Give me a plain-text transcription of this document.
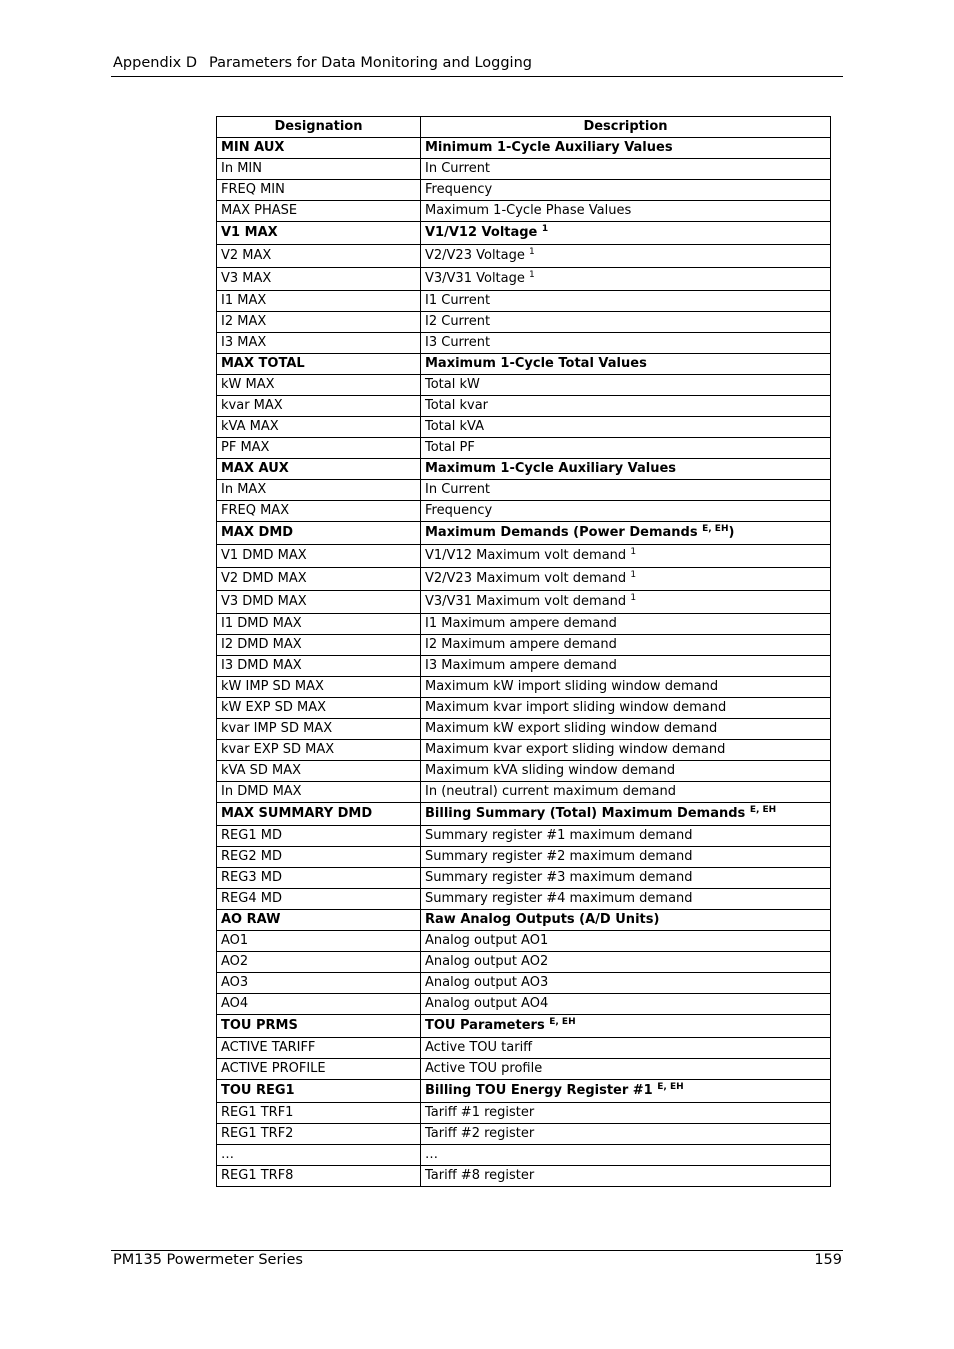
Appendix D Parameters for Data Monitoring and Logging
Designation	Description
MIN AUX	Minimum 1-Cycle Auxiliary Values
In MIN	In Current
FREQ MIN	Frequency
MAX PHASE	Maximum 1-Cycle Phase Values
V1 MAX	V1/V12 Voltage $^1$
V2 MAX	V2/V23 Voltage $^1$
V3 MAX	V3/V31 Voltage $^1$
I1 MAX	I1 Current
I2 MAX	I2 Current
I3 MAX	I3 Current
MAX TOTAL	Maximum 1-Cycle Total Values
kW MAX	Total kW
kvar MAX	Total kvar
kVA MAX	Total kVA
PF MAX	Total PF
MAX AUX	Maximum 1-Cycle Auxiliary Values
In MAX	In Current
FREQ MAX	Frequency
MAX DMD	Maximum Demands (Power Demands $^{E, EH}$)
V1 DMD MAX	V1/V12 Maximum volt demand $^1$
V2 DMD MAX	V2/V23 Maximum volt demand $^1$
V3 DMD MAX	V3/V31 Maximum volt demand $^1$
I1 DMD MAX	I1 Maximum ampere demand
I2 DMD MAX	I2 Maximum ampere demand
I3 DMD MAX	I3 Maximum ampere demand
kW IMP SD MAX	Maximum kW import sliding window demand
kW EXP SD MAX	Maximum kvar import sliding window demand
kvar IMP SD MAX	Maximum kW export sliding window demand
kvar EXP SD MAX	Maximum kvar export sliding window demand
kVA SD MAX	Maximum kVA sliding window demand
In DMD MAX	In (neutral) current maximum demand
MAX SUMMARY DMD	Billing Summary (Total) Maximum Demands $^{E, EH}$
REG1 MD	Summary register #1 maximum demand
REG2 MD	Summary register #2 maximum demand
REG3 MD	Summary register #3 maximum demand
REG4 MD	Summary register #4 maximum demand
AO RAW	Raw Analog Outputs (A/D Units)
AO1	Analog output AO1
AO2	Analog output AO2
AO3	Analog output AO3
AO4	Analog output AO4
TOU PRMS	TOU Parameters $^{E, EH}$
ACTIVE TARIFF	Active TOU tariff
ACTIVE PROFILE	Active TOU profile
TOU REG1	Billing TOU Energy Register #1 $^{E, EH}$
REG1 TRF1	Tariff #1 register
REG1 TRF2	Tariff #2 register
…	…
REG1 TRF8	Tariff #8 register
PM135 Powermeter Series	159
